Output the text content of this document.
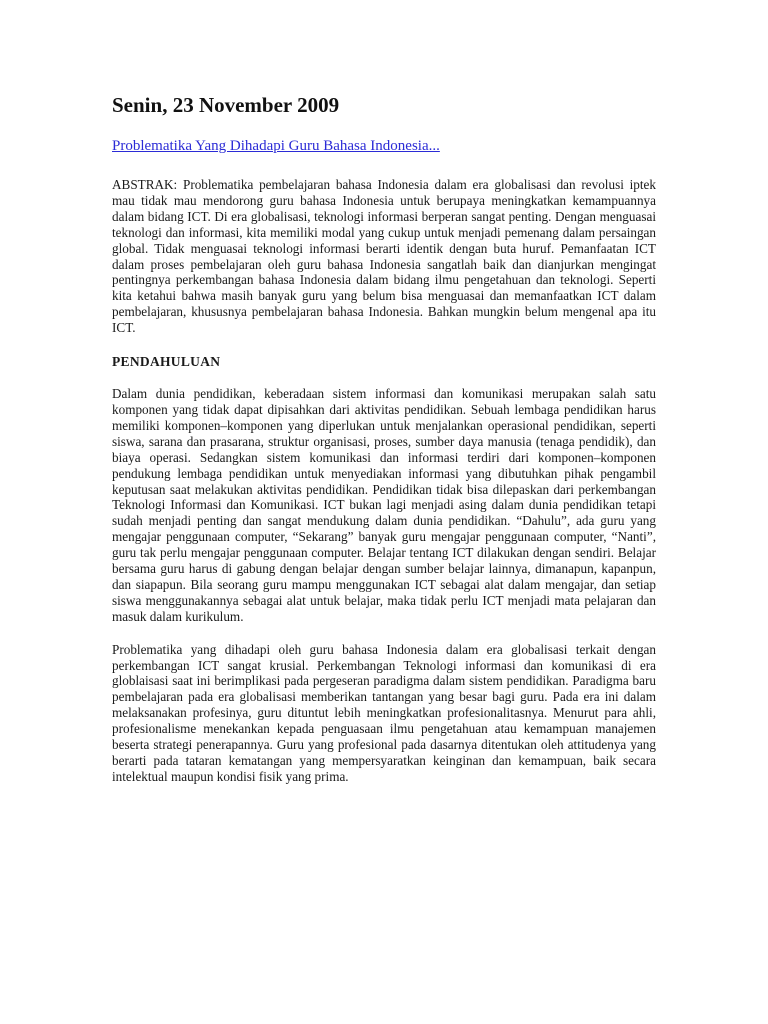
Senin, 23 November 2009
Problematika Yang Dihadapi Guru Bahasa Indonesia...

ABSTRAK: Problematika pembelajaran bahasa Indonesia dalam era globalisasi dan revolusi iptek mau tidak mau mendorong guru bahasa Indonesia untuk berupaya meningkatkan kemampuannya dalam bidang ICT. Di era globalisasi, teknologi informasi berperan sangat penting. Dengan menguasai teknologi dan informasi, kita memiliki modal yang cukup untuk menjadi pemenang dalam persaingan global. Tidak menguasai teknologi informasi berarti identik dengan buta huruf. Pemanfaatan ICT dalam proses pembelajaran oleh guru bahasa Indonesia sangatlah baik dan dianjurkan mengingat pentingnya perkembangan bahasa Indonesia dalam bidang ilmu pengetahuan dan teknologi. Seperti kita ketahui bahwa masih banyak guru yang belum bisa menguasai dan memanfaatkan ICT dalam pembelajaran, khususnya pembelajaran bahasa Indonesia. Bahkan mungkin belum mengenal apa itu ICT.

PENDAHULUAN

Dalam dunia pendidikan, keberadaan sistem informasi dan komunikasi merupakan salah satu komponen yang tidak dapat dipisahkan dari aktivitas pendidikan. Sebuah lembaga pendidikan harus memiliki komponen–komponen yang diperlukan untuk menjalankan operasional pendidikan, seperti siswa, sarana dan prasarana, struktur organisasi, proses, sumber daya manusia (tenaga pendidik), dan biaya operasi. Sedangkan sistem komunikasi dan informasi terdiri dari komponen–komponen pendukung lembaga pendidikan untuk menyediakan informasi yang dibutuhkan pihak pengambil keputusan saat melakukan aktivitas pendidikan. Pendidikan tidak bisa dilepaskan dari perkembangan Teknologi Informasi dan Komunikasi. ICT bukan lagi menjadi asing dalam dunia pendidikan tetapi sudah menjadi penting dan sangat mendukung dalam dunia pendidikan. “Dahulu”, ada guru yang mengajar penggunaan computer, “Sekarang” banyak guru mengajar penggunaan computer, “Nanti”, guru tak perlu mengajar penggunaan computer. Belajar tentang ICT dilakukan dengan sendiri. Belajar bersama guru harus di gabung dengan belajar dengan sumber belajar lainnya, dimanapun, kapanpun, dan siapapun. Bila seorang guru mampu menggunakan ICT sebagai alat dalam mengajar, dan setiap siswa menggunakannya sebagai alat untuk belajar, maka tidak perlu ICT menjadi mata pelajaran dan masuk dalam kurikulum.

Problematika yang dihadapi oleh guru bahasa Indonesia dalam era globalisasi terkait dengan perkembangan ICT sangat krusial. Perkembangan Teknologi informasi dan komunikasi di era globlaisasi saat ini berimplikasi pada pergeseran paradigma dalam sistem pendidikan. Paradigma baru pembelajaran pada era globalisasi memberikan tantangan yang besar bagi guru. Pada era ini dalam melaksanakan profesinya, guru dituntut lebih meningkatkan profesionalitasnya. Menurut para ahli, profesionalisme menekankan kepada penguasaan ilmu pengetahuan atau kemampuan manajemen beserta strategi penerapannya. Guru yang profesional pada dasarnya ditentukan oleh attitudenya yang berarti pada tataran kematangan yang mempersyaratkan keinginan dan kemampuan, baik secara intelektual maupun kondisi fisik yang prima.
